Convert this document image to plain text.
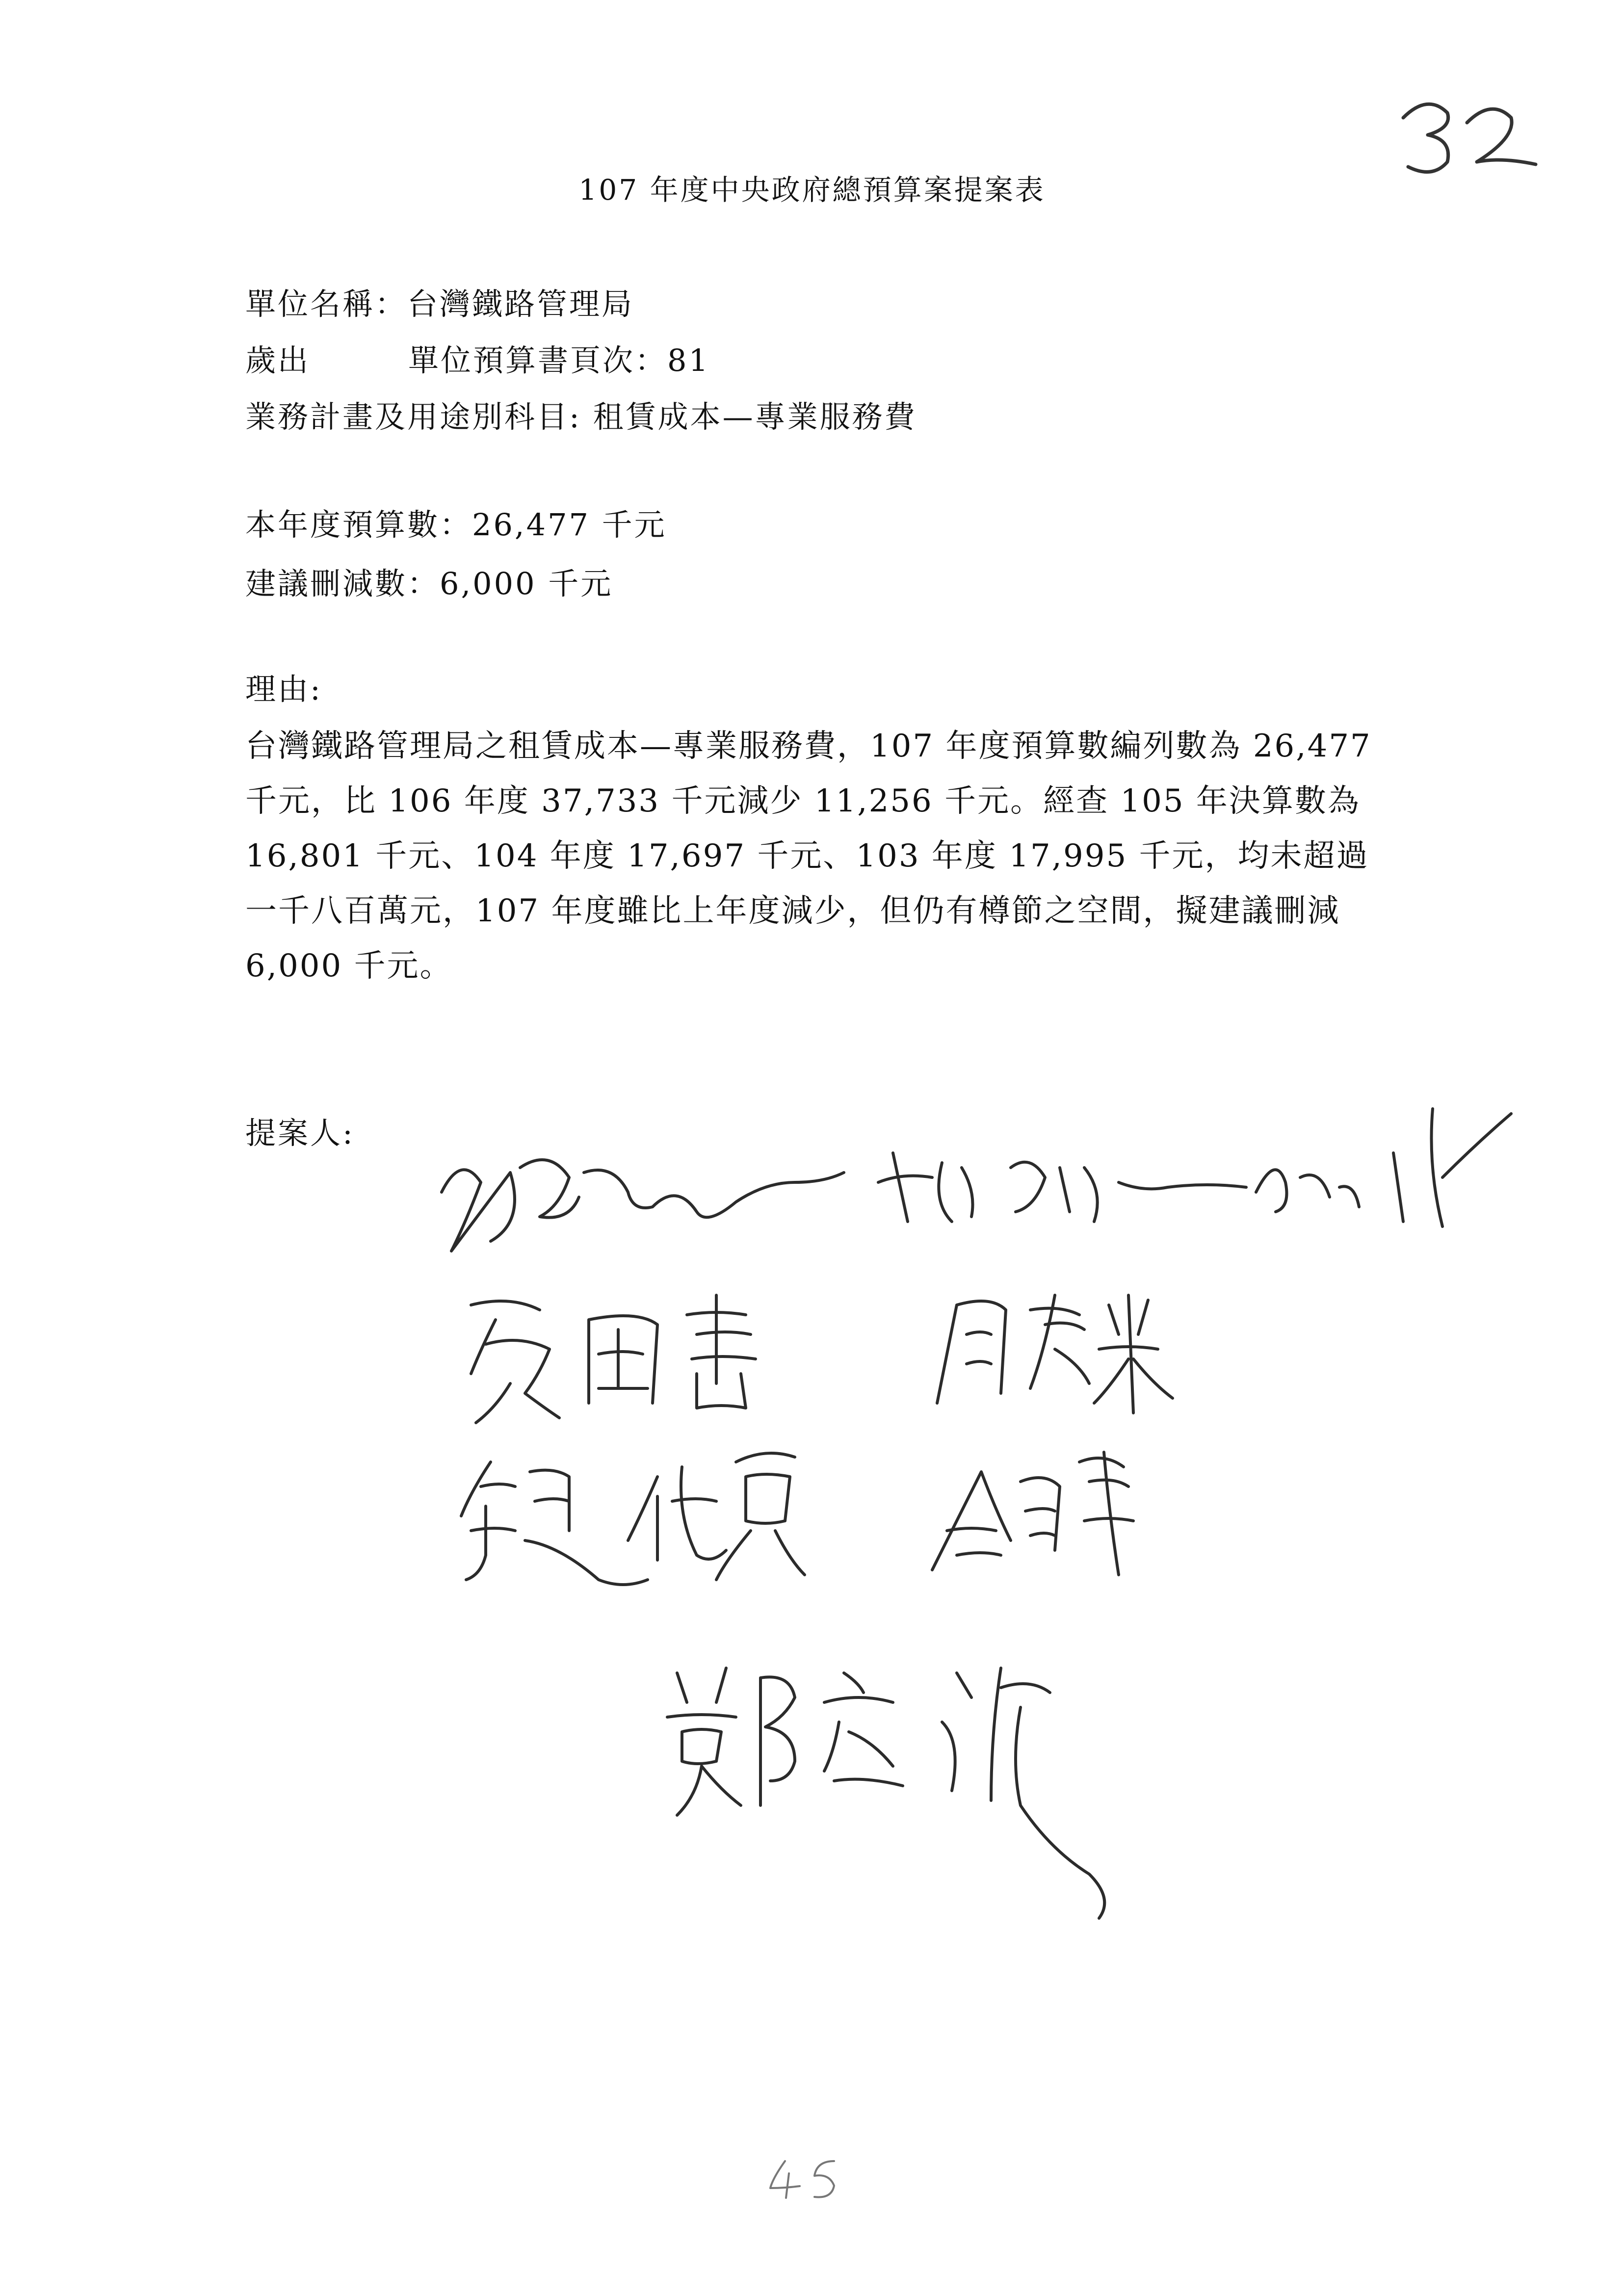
107 年度中央政府總預算案提案表
單位名稱：台灣鐵路管理局
歲出	單位預算書頁次：81
業務計畫及用途別科目: 租賃成本—專業服務費
本年度預算數：26,477 千元
建議刪減數：6,000 千元
理由:
台灣鐵路管理局之租賃成本—專業服務費，107 年度預算數編列數為 26,477 千元，比 106 年度 37,733 千元減少 11,256 千元。經查 105 年決算數為 16,801 千元、104 年度 17,697 千元、103 年度 17,995 千元，均未超過一千八百萬元，107 年度雖比上年度減少，但仍有樽節之空間，擬建議刪減 6,000 千元。
提案人:
